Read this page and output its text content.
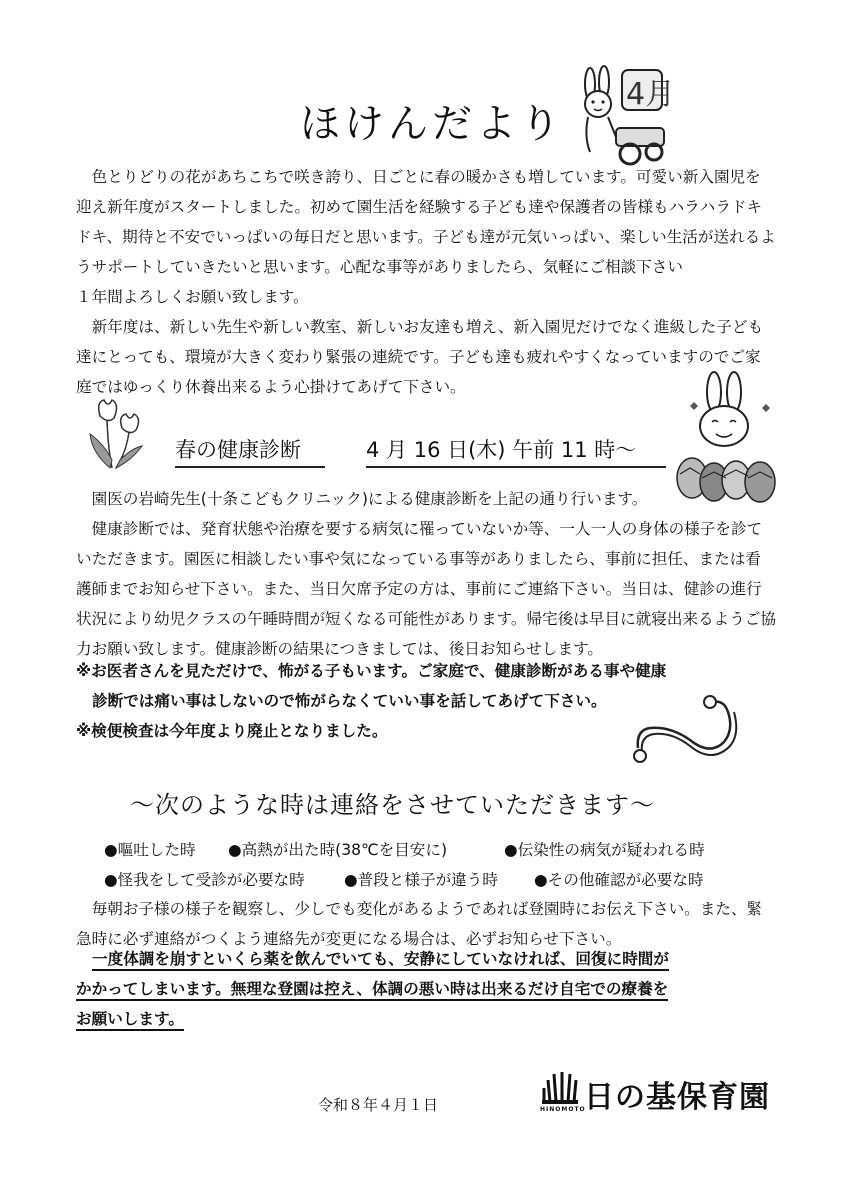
ほけんだより
4月

色とりどりの花があちこちで咲き誇り、日ごとに春の暖かさも増しています。可愛い新入園児を迎え新年度がスタートしました。初めて園生活を経験する子ども達や保護者の皆様もハラハラドキドキ、期待と不安でいっぱいの毎日だと思います。子ども達が元気いっぱい、楽しい生活が送れるようサポートしていきたいと思います。心配な事等がありましたら、気軽にご相談下さい

１年間よろしくお願い致します。

新年度は、新しい先生や新しい教室、新しいお友達も増え、新入園児だけでなく進級した子ども達にとっても、環境が大きく変わり緊張の連続です。子ども達も疲れやすくなっていますのでご家庭ではゆっくり休養出来るよう心掛けてあげて下さい。

春の健康診断	4 月 16 日(木) 午前 11 時～

園医の岩崎先生(十条こどもクリニック)による健康診断を上記の通り行います。

健康診断では、発育状態や治療を要する病気に罹っていないか等、一人一人の身体の様子を診ていただきます。園医に相談したい事や気になっている事等がありましたら、事前に担任、または看護師までお知らせ下さい。また、当日欠席予定の方は、事前にご連絡下さい。当日は、健診の進行状況により幼児クラスの午睡時間が短くなる可能性があります。帰宅後は早目に就寝出来るようご協力お願い致します。健康診断の結果につきましては、後日お知らせします。

※お医者さんを見ただけで、怖がる子もいます。ご家庭で、健康診断がある事や健康
診断では痛い事はしないので怖がらなくていい事を話してあげて下さい。
※検便検査は今年度より廃止となりました。
～次のような時は連絡をさせていただきます～
●嘔吐した時 ●高熱が出た時(38℃を目安に)	●伝染性の病気が疑われる時
●怪我をして受診が必要な時	●普段と様子が違う時 ●その他確認が必要な時

毎朝お子様の様子を観察し、少しでも変化があるようであれば登園時にお伝え下さい。また、緊急時に必ず連絡がつくよう連絡先が変更になる場合は、必ずお知らせ下さい。

一度体調を崩すといくら薬を飲んでいても、安静にしていなければ、回復に時間が
かかってしまいます。無理な登園は控え、体調の悪い時は出来るだけ自宅での療養を
お願いします。
令和８年４月１日	日の基保育園
HINOMOTO
